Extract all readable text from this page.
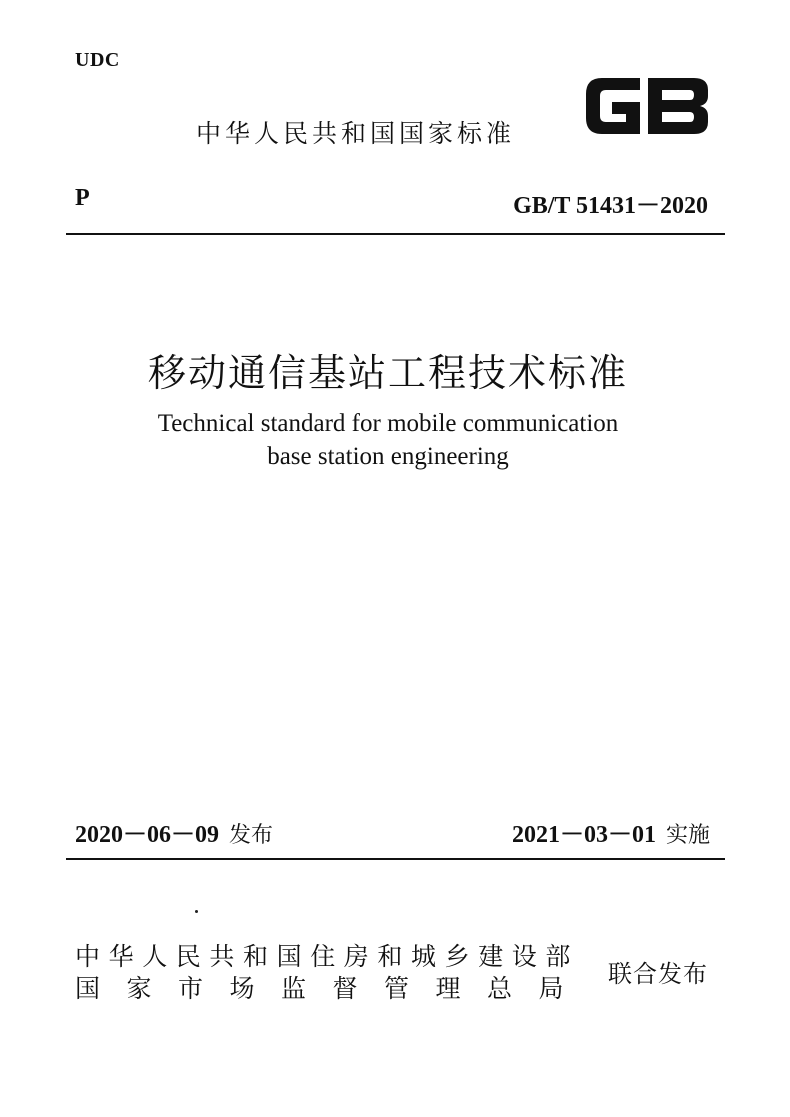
UDC
中华人民共和国国家标准
P	GB/T 51431－2020
移动通信基站工程技术标准
Technical standard for mobile communication
base station engineering
2020－06－09 发布	2021－03－01 实施
中华人民共和国住房和城乡建设部
国家市场监督管理总局 联合发布
